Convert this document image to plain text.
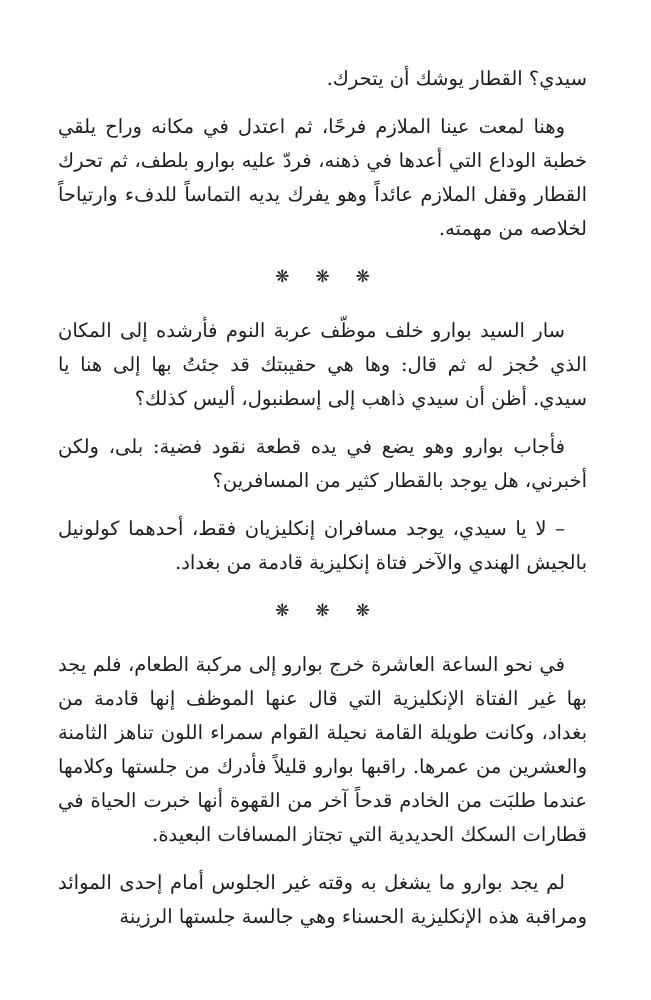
سيدي؟ القطار يوشك أن يتحرك.

وهنا لمعت عينا الملازم فرحًا، ثم اعتدل في مكانه وراح يلقي خطبة الوداع التي أعدها في ذهنه، فردّ عليه بوارو بلطف، ثم تحرك القطار وقفل الملازم عائداً وهو يفرك يديه التماساً للدفء وارتياحاً لخلاصه من مهمته.

❋ ❋ ❋

سار السيد بوارو خلف موظّف عربة النوم فأرشده إلى المكان الذي حُجز له ثم قال: وها هي حقيبتك قد جئتُ بها إلى هنا يا سيدي. أظن أن سيدي ذاهب إلى إسطنبول، أليس كذلك؟

فأجاب بوارو وهو يضع في يده قطعة نقود فضية: بلى، ولكن أخبرني، هل يوجد بالقطار كثير من المسافرين؟

– لا يا سيدي، يوجد مسافران إنكليزيان فقط، أحدهما كولونيل بالجيش الهندي والآخر فتاة إنكليزية قادمة من بغداد.

❋ ❋ ❋

في نحو الساعة العاشرة خرج بوارو إلى مركبة الطعام، فلم يجد بها غير الفتاة الإنكليزية التي قال عنها الموظف إنها قادمة من بغداد، وكانت طويلة القامة نحيلة القوام سمراء اللون تناهز الثامنة والعشرين من عمرها. راقبها بوارو قليلاً فأدرك من جلستها وكلامها عندما طلبَت من الخادم قدحاً آخر من القهوة أنها خبرت الحياة في قطارات السكك الحديدية التي تجتاز المسافات البعيدة.

لم يجد بوارو ما يشغل به وقته غير الجلوس أمام إحدى الموائد ومراقبة هذه الإنكليزية الحسناء وهي جالسة جلستها الرزينة
